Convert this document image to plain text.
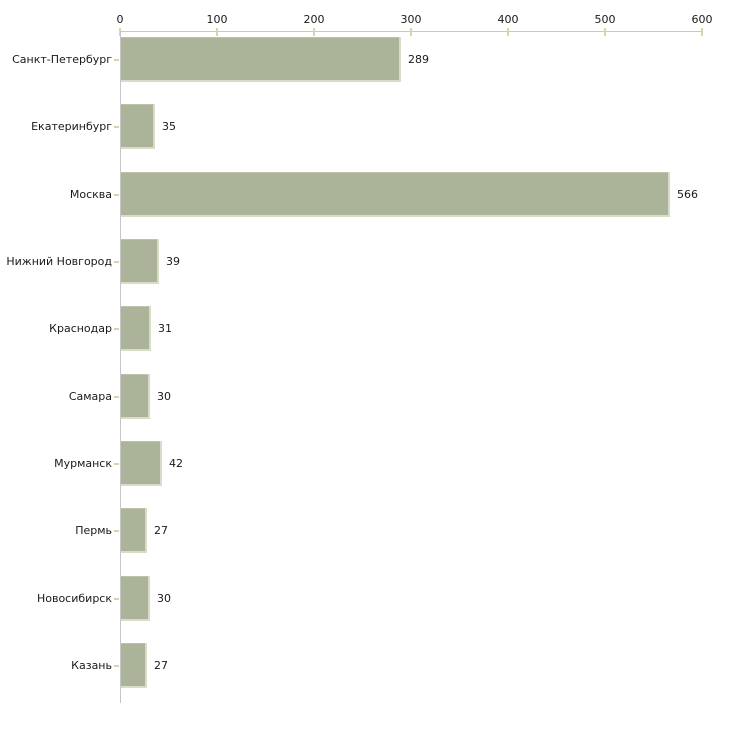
0	100	200	300	400	500	600
Санкт-Петербург	289
Екатеринбург	35
Москва	566
Нижний Новгород	39
Краснодар	31
Самара	30
Мурманск	42
Пермь	27
Новосибирск	30
Казань	27
